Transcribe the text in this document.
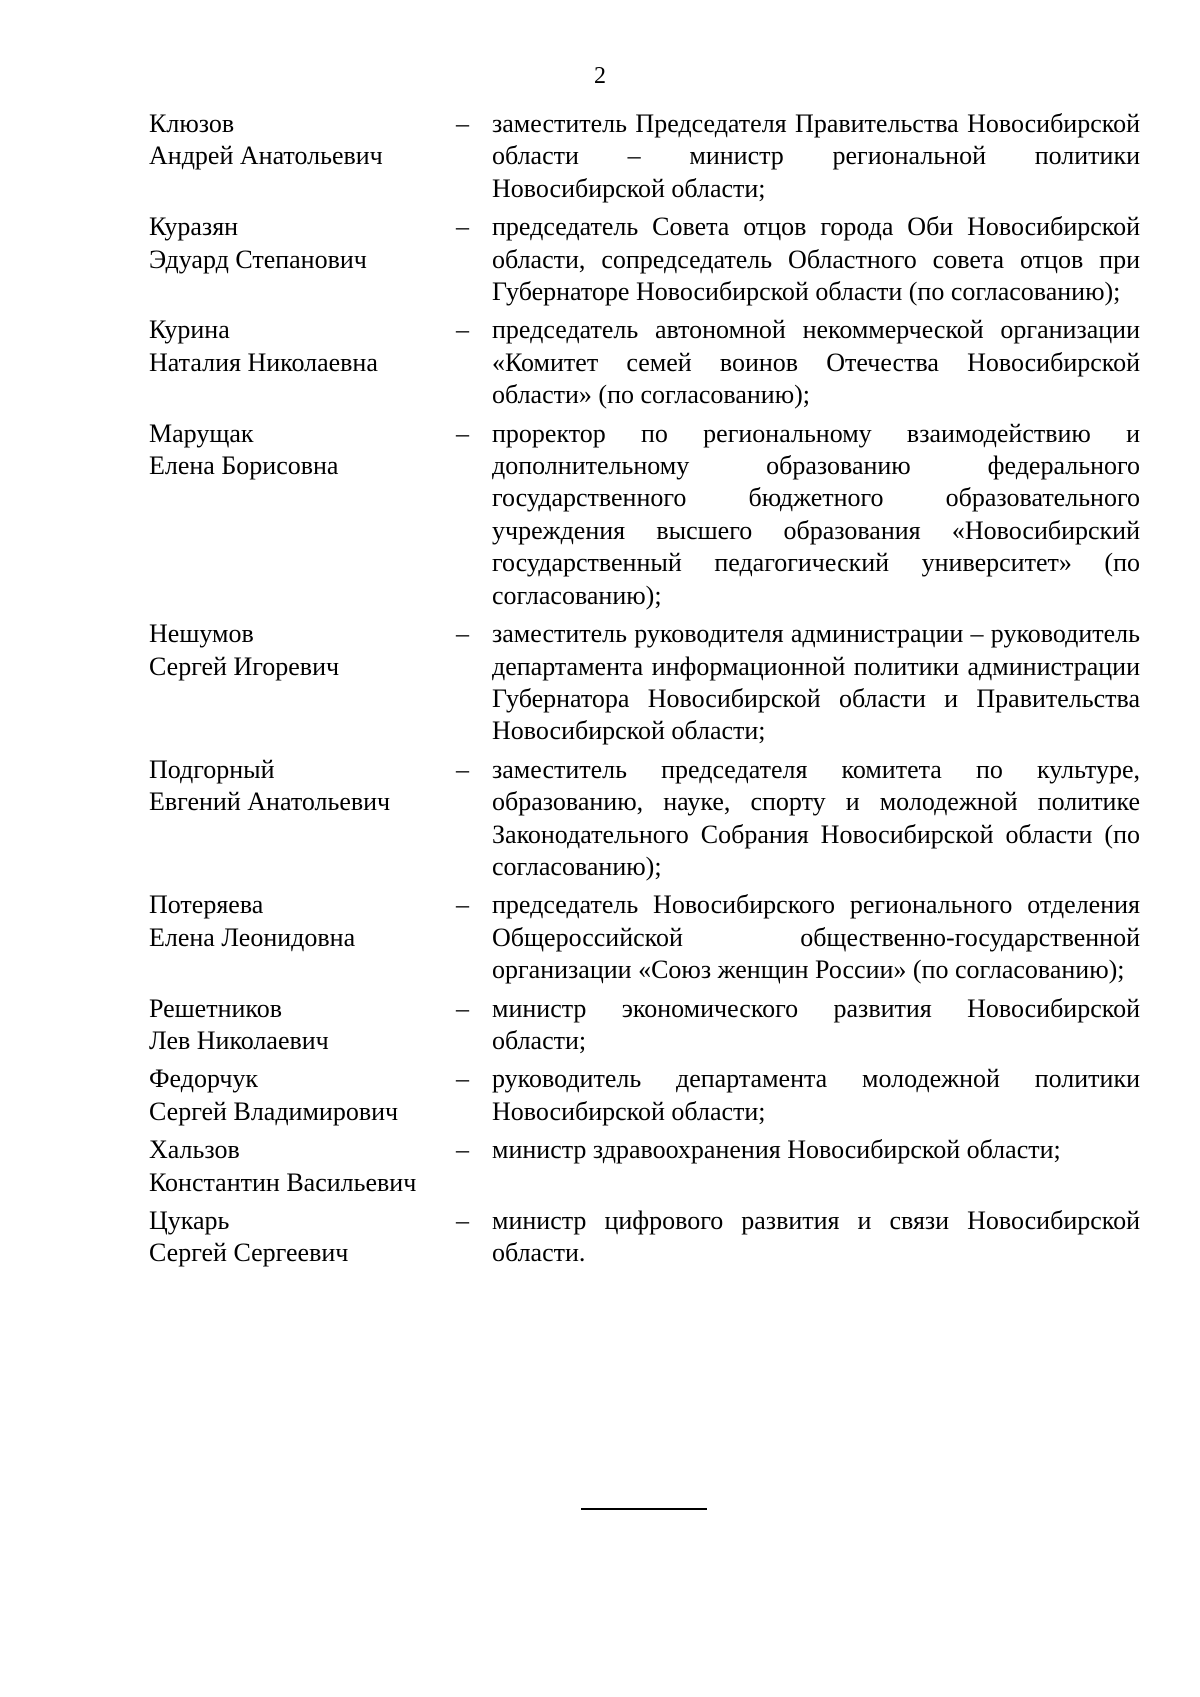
2
Клюзов
Андрей Анатольевич
– заместитель Председателя Правительства Новосибирской области – министр региональной политики Новосибирской области;
Куразян
Эдуард Степанович
– председатель Совета отцов города Оби Новосибирской области, сопредседатель Областного совета отцов при Губернаторе Новосибирской области (по согласованию);
Курина
Наталия Николаевна
– председатель автономной некоммерческой организации «Комитет семей воинов Отечества Новосибирской области» (по согласованию);
Марущак
Елена Борисовна
– проректор по региональному взаимодействию и дополнительному образованию федерального государственного бюджетного образовательного учреждения высшего образования «Новосибирский государственный педагогический университет» (по согласованию);
Нешумов
Сергей Игоревич
– заместитель руководителя администрации – руководитель департамента информационной политики администрации Губернатора Новосибирской области и Правительства Новосибирской области;
Подгорный
Евгений Анатольевич
– заместитель председателя комитета по культуре, образованию, науке, спорту и молодежной политике Законодательного Собрания Новосибирской области (по согласованию);
Потеряева
Елена Леонидовна
– председатель Новосибирского регионального отделения Общероссийской общественно-государственной организации «Союз женщин России» (по согласованию);
Решетников
Лев Николаевич
– министр экономического развития Новосибирской области;
Федорчук
Сергей Владимирович
– руководитель департамента молодежной политики Новосибирской области;
Хальзов
Константин Васильевич
– министр здравоохранения Новосибирской области;
Цукарь
Сергей Сергеевич
– министр цифрового развития и связи Новосибирской области.
